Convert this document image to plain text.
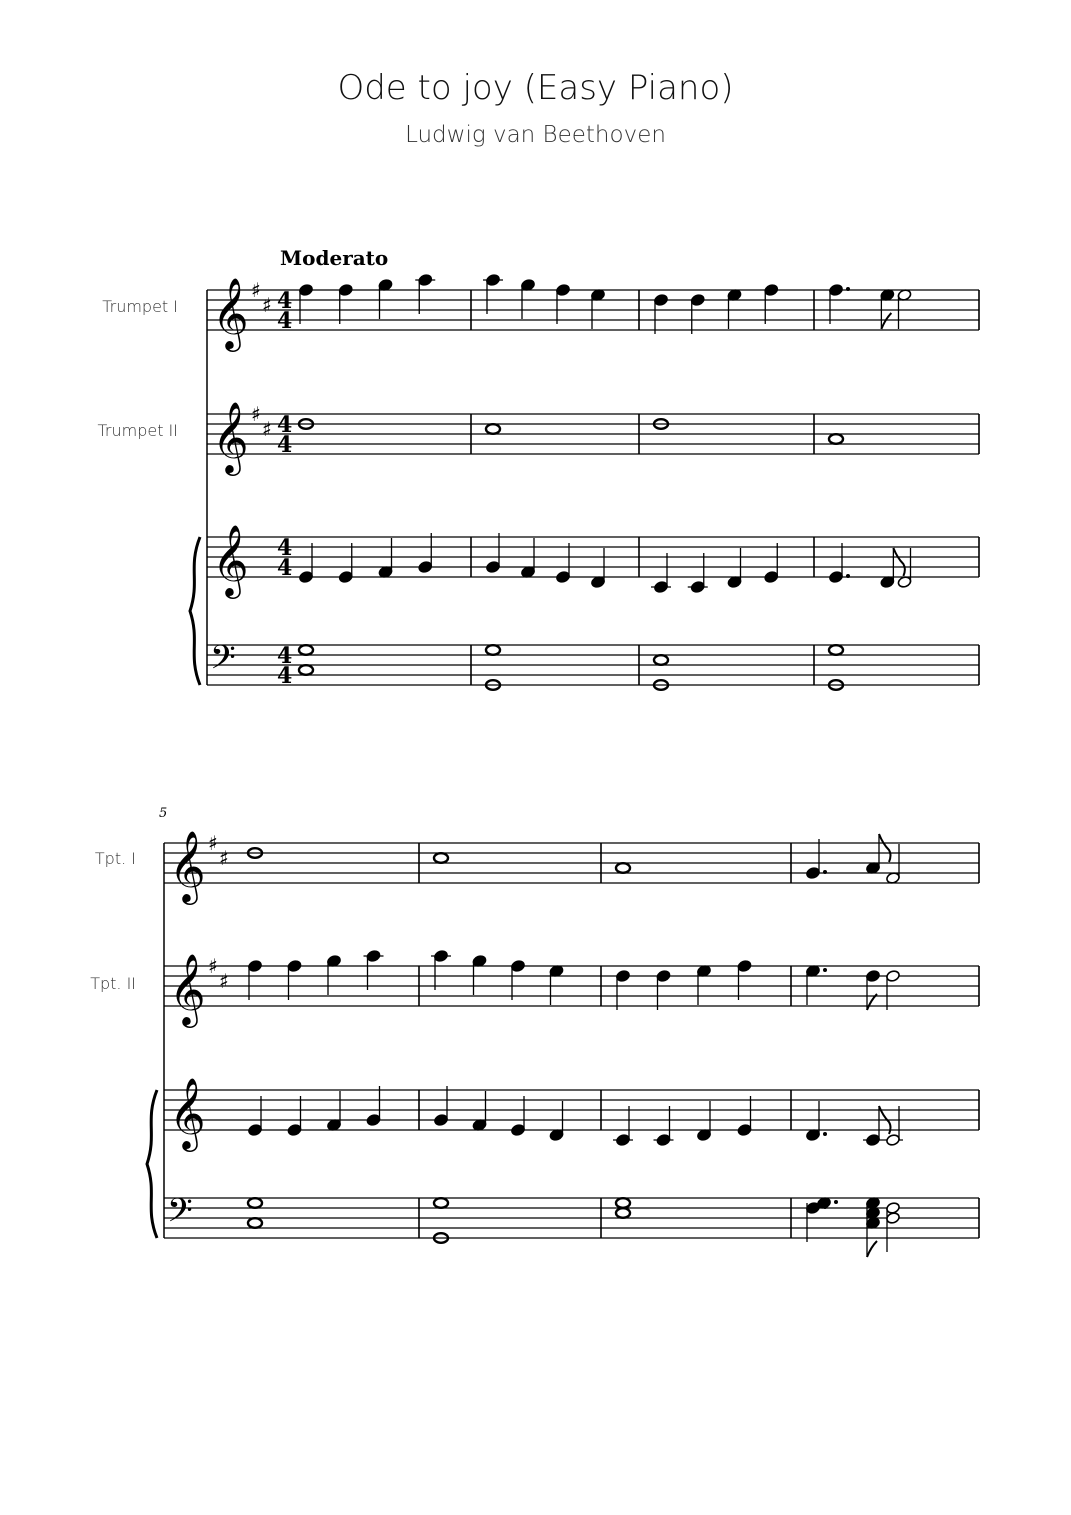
Ode to joy (Easy Piano)
Ludwig van Beethoven
Moderato
5
Trumpet I
Trumpet II
Tpt. I
Tpt. II
𝄞 ♯
♯ 4
4
𝄞 ♯
♯ 4
4
𝄞 4
4
𝄢 4
4
𝄞 ♯
♯
𝄞 ♯
♯
𝄞
𝄢
